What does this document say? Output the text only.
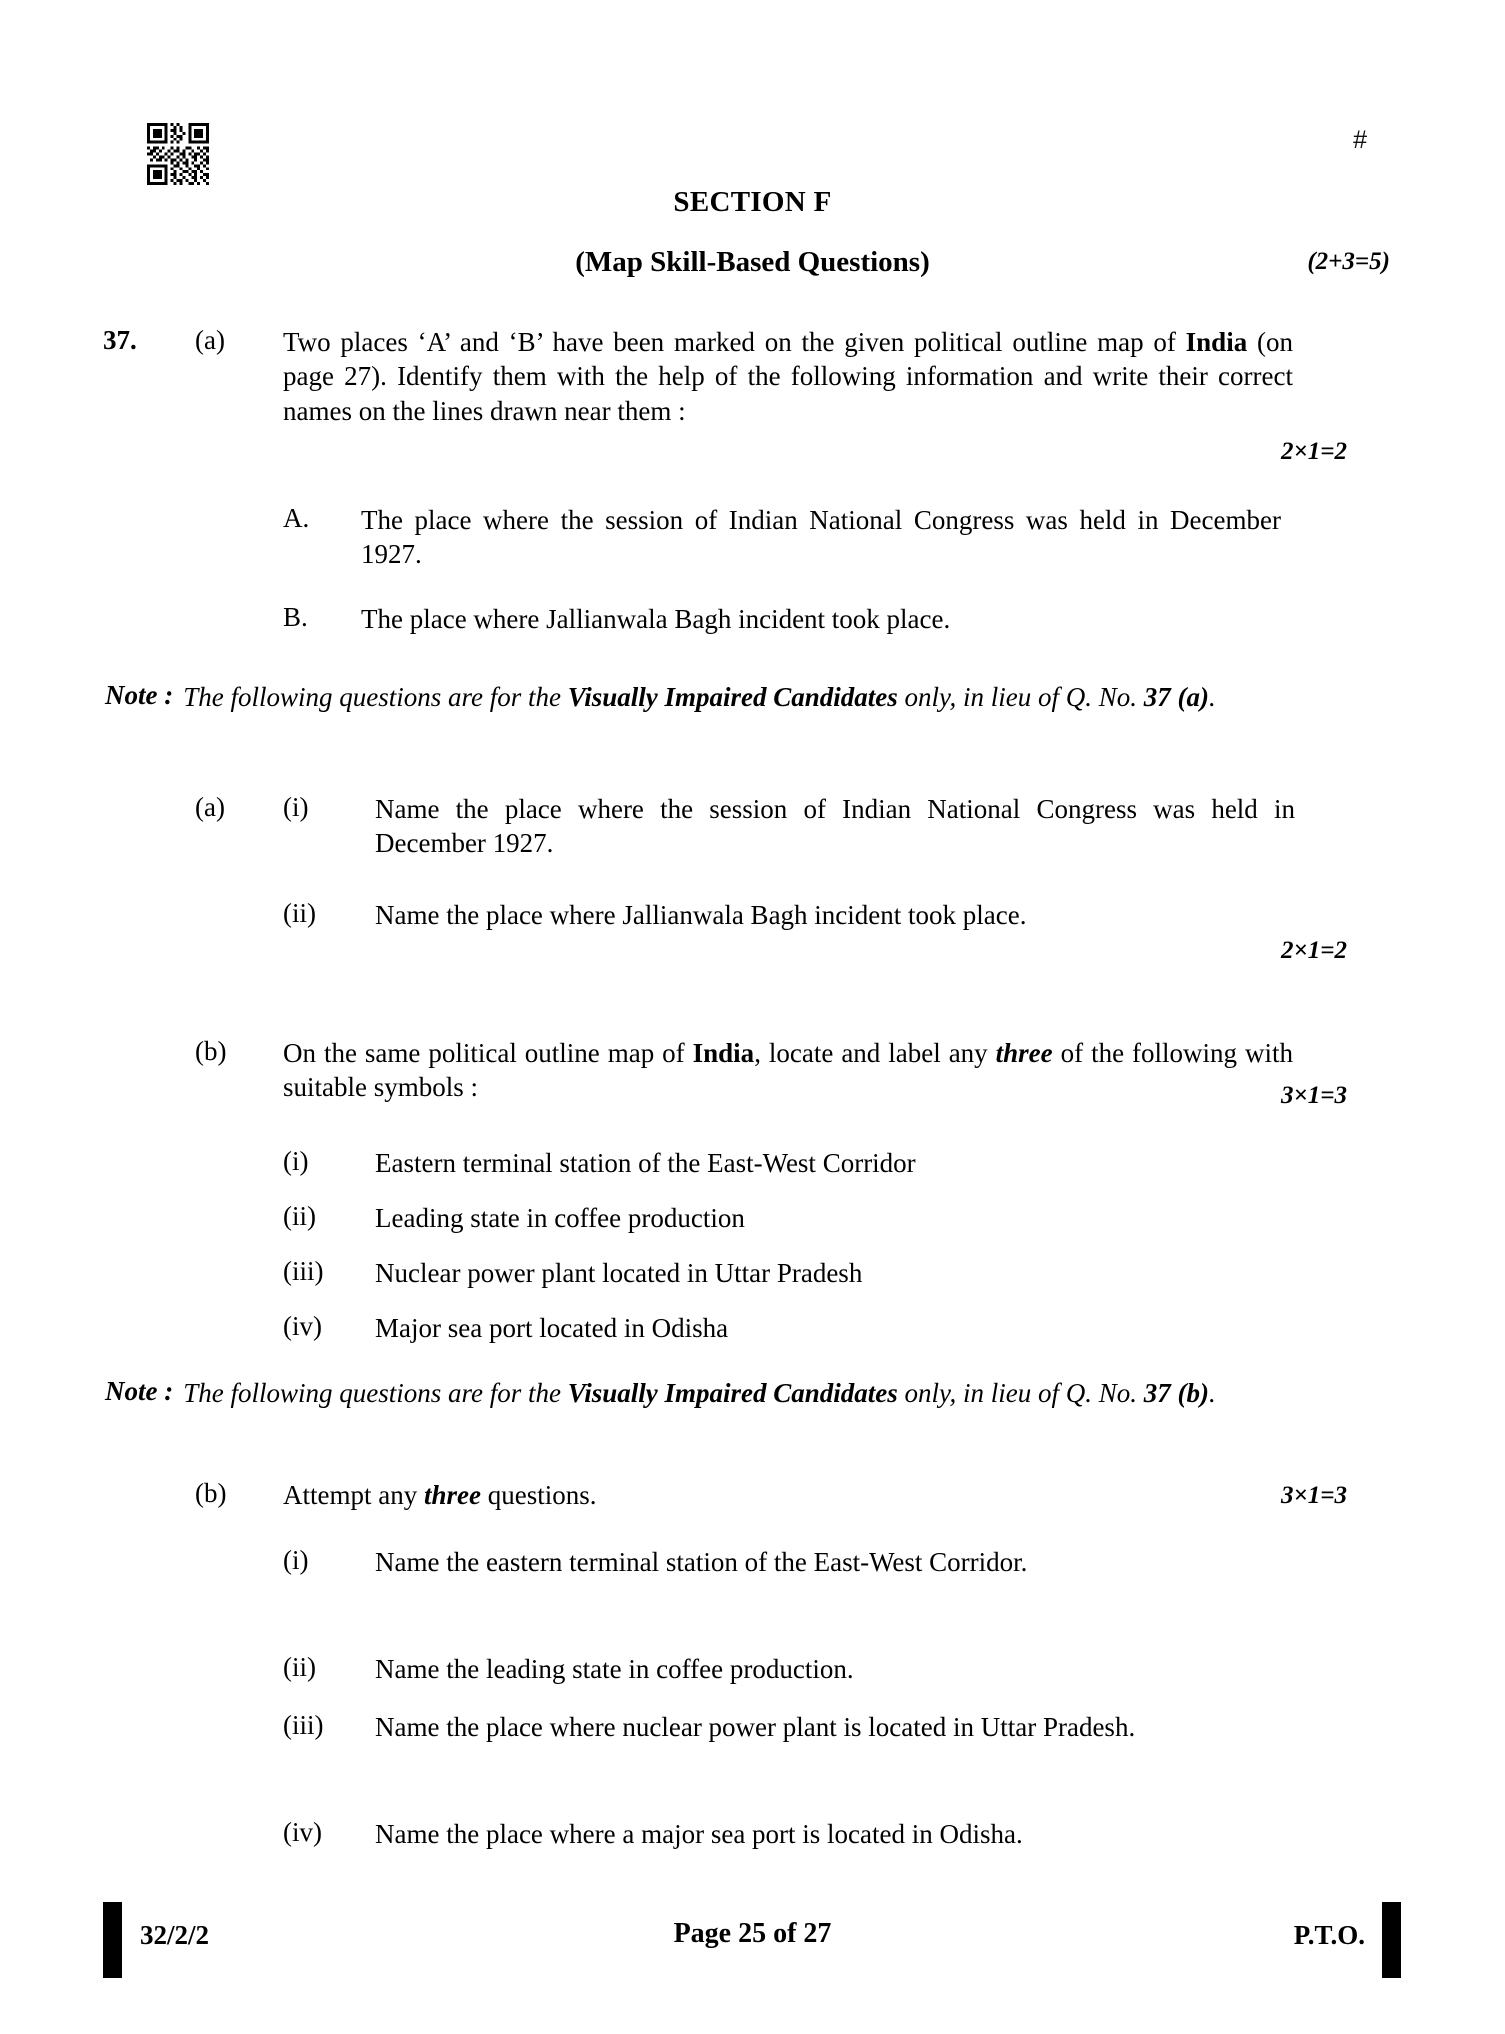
#
SECTION F
(Map Skill-Based Questions)	(2+3=5)
37.	(a)	Two places ‘A’ and ‘B’ have been marked on the given political outline map of India (on page 27). Identify them with the help of the following information and write their correct names on the lines drawn near them :
2×1=2
A.	The place where the session of Indian National Congress was held in December 1927.
B.	The place where Jallianwala Bagh incident took place.
Note : The following questions are for the Visually Impaired Candidates only, in lieu of Q. No. 37 (a).
(a)	(i)	Name the place where the session of Indian National Congress was held in December 1927.
(ii)	Name the place where Jallianwala Bagh incident took place.
2×1=2
(b)	On the same political outline map of India, locate and label any three of the following with suitable symbols :	3×1=3
(i)	Eastern terminal station of the East-West Corridor
(ii)	Leading state in coffee production
(iii)	Nuclear power plant located in Uttar Pradesh
(iv)	Major sea port located in Odisha
Note : The following questions are for the Visually Impaired Candidates only, in lieu of Q. No. 37 (b).
(b)	Attempt any three questions.	3×1=3
(i)	Name the eastern terminal station of the East-West Corridor.
(ii)	Name the leading state in coffee production.
(iii)	Name the place where nuclear power plant is located in Uttar Pradesh.
(iv)	Name the place where a major sea port is located in Odisha.
32/2/2	Page 25 of 27	P.T.O.
